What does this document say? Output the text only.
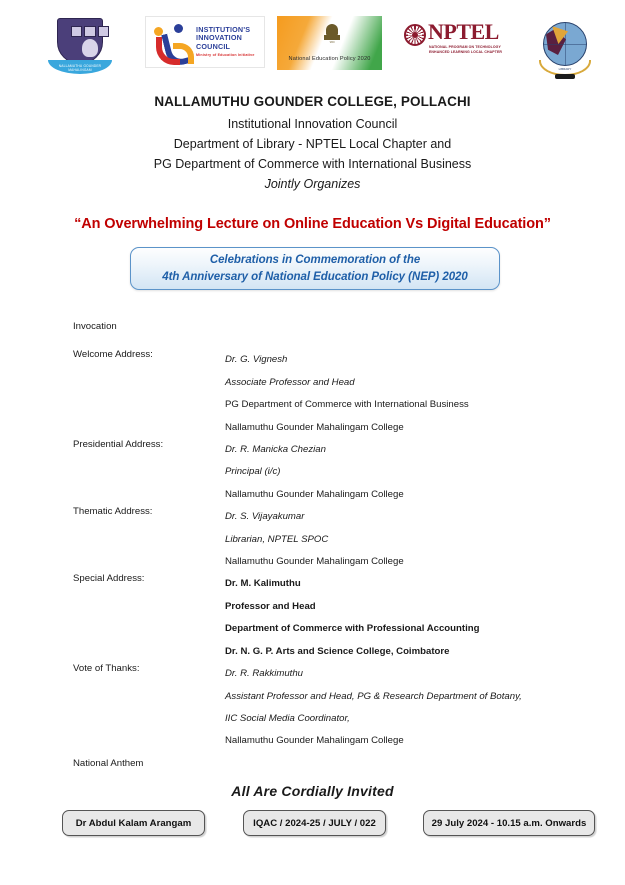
NALLAMUTHU GOUNDER MAHALINGAM
INSTITUTION'S
INNOVATION
COUNCIL
Ministry of Education Initiative
भारत
National Education Policy 2020
NPTEL
NATIONAL PROGRAM ON TECHNOLOGY
ENHANCED LEARNING LOCAL CHAPTER
LIBRARY
NALLAMUTHU GOUNDER COLLEGE, POLLACHI
Institutional Innovation Council
Department of Library - NPTEL Local Chapter and
PG Department of Commerce with International Business
Jointly Organizes
“An Overwhelming Lecture on Online Education Vs Digital Education”
Celebrations in Commemoration of the
4th Anniversary of National Education Policy (NEP) 2020
Invocation
Welcome Address:	Dr. G. Vignesh
Associate Professor and Head
PG Department of Commerce with International Business
Nallamuthu Gounder Mahalingam College
Presidential Address:	Dr. R. Manicka Chezian
Principal (i/c)
Nallamuthu Gounder Mahalingam College
Thematic Address:	Dr. S. Vijayakumar
Librarian, NPTEL SPOC
Nallamuthu Gounder Mahalingam College
Special Address:	Dr. M. Kalimuthu
Professor and Head
Department of Commerce with Professional Accounting
Dr. N. G. P. Arts and Science College, Coimbatore
Vote of Thanks:	Dr. R. Rakkimuthu
Assistant Professor and Head, PG & Research Department of Botany,
IIC Social Media Coordinator,
Nallamuthu Gounder Mahalingam College
National Anthem
All Are Cordially Invited
Dr Abdul Kalam Arangam	IQAC / 2024-25 / JULY / 022	29 July 2024 - 10.15 a.m. Onwards
